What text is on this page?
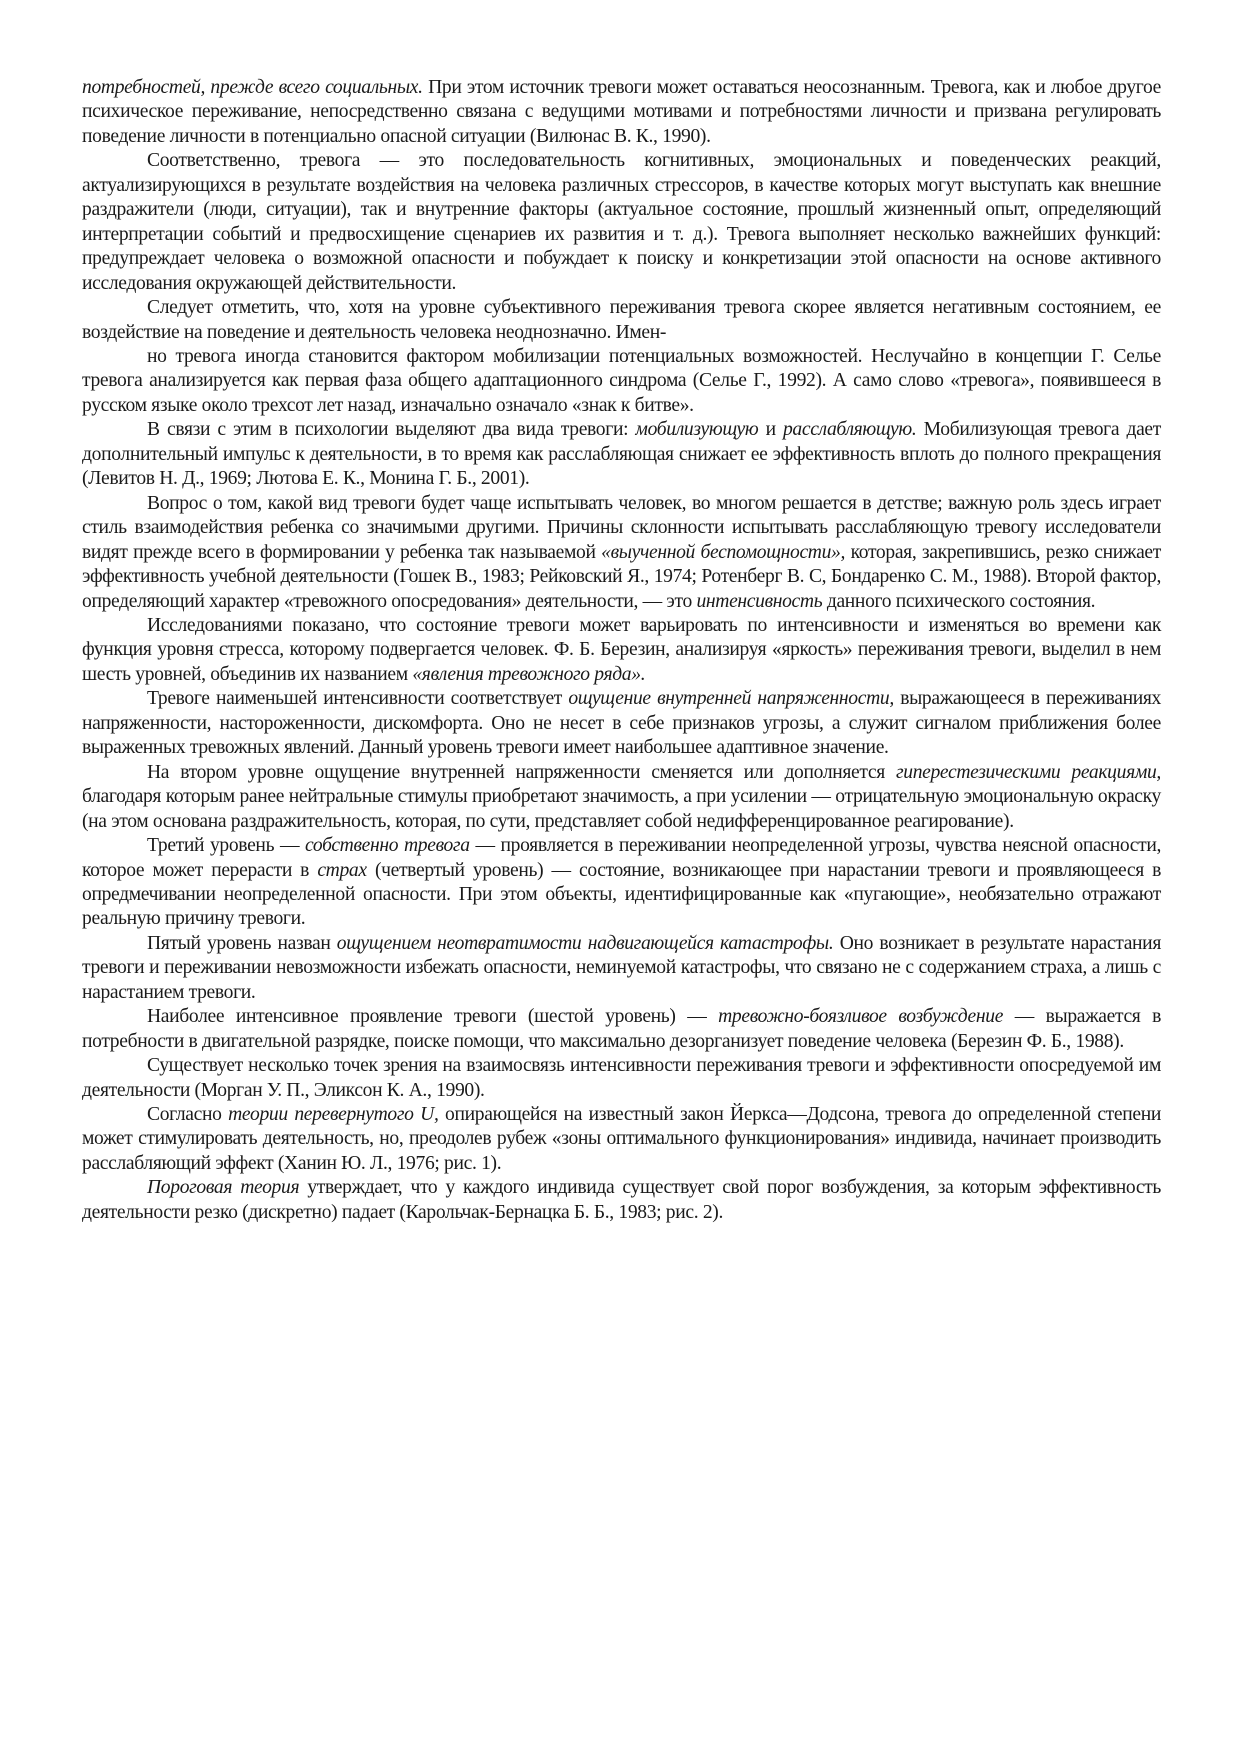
потребностей, прежде всего социальных. При этом источник тревоги может оставаться неосознанным. Тревога, как и любое другое психическое переживание, непосредственно связана с ведущими мотивами и потребностями личности и призвана регулировать поведение личности в потенциально опасной ситуации (Вилюнас В. К., 1990).

Соответственно, тревога — это последовательность когнитивных, эмоциональных и поведенческих реакций, актуализирующихся в результате воздействия на человека различных стрессоров, в качестве которых могут выступать как внешние раздражители (люди, ситуации), так и внутренние факторы (актуальное состояние, прошлый жизненный опыт, определяющий интерпретации событий и предвосхищение сценариев их развития и т. д.). Тревога выполняет несколько важнейших функций: предупреждает человека о возможной опасности и побуждает к поиску и конкретизации этой опасности на основе активного исследования окружающей действительности.

Следует отметить, что, хотя на уровне субъективного переживания тревога скорее является негативным состоянием, ее воздействие на поведение и деятельность человека неоднозначно. Имен-

но тревога иногда становится фактором мобилизации потенциальных возможностей. Неслучайно в концепции Г. Селье тревога анализируется как первая фаза общего адаптационного синдрома (Селье Г., 1992). А само слово «тревога», появившееся в русском языке около трехсот лет назад, изначально означало «знак к битве».

В связи с этим в психологии выделяют два вида тревоги: мобилизующую и расслабляющую. Мобилизующая тревога дает дополнительный импульс к деятельности, в то время как расслабляющая снижает ее эффективность вплоть до полного прекращения (Левитов Н. Д., 1969; Лютова Е. К., Монина Г. Б., 2001).

Вопрос о том, какой вид тревоги будет чаще испытывать человек, во многом решается в детстве; важную роль здесь играет стиль взаимодействия ребенка со значимыми другими. Причины склонности испытывать расслабляющую тревогу исследователи видят прежде всего в формировании у ребенка так называемой «выученной беспомощности», которая, закрепившись, резко снижает эффективность учебной деятельности (Гошек В., 1983; Рейковский Я., 1974; Ротенберг В. С, Бондаренко С. М., 1988). Второй фактор, определяющий характер «тревожного опосредования» деятельности, — это интенсивность данного психического состояния.

Исследованиями показано, что состояние тревоги может варьировать по интенсивности и изменяться во времени как функция уровня стресса, которому подвергается человек. Ф. Б. Березин, анализируя «яркость» переживания тревоги, выделил в нем шесть уровней, объединив их названием «явления тревожного ряда».

Тревоге наименьшей интенсивности соответствует ощущение внутренней напряженности, выражающееся в переживаниях напряженности, настороженности, дискомфорта. Оно не несет в себе признаков угрозы, а служит сигналом приближения более выраженных тревожных явлений. Данный уровень тревоги имеет наибольшее адаптивное значение.

На втором уровне ощущение внутренней напряженности сменяется или дополняется гиперестезическими реакциями, благодаря которым ранее нейтральные стимулы приобретают значимость, а при усилении — отрицательную эмоциональную окраску (на этом основана раздражительность, которая, по сути, представляет собой недифференцированное реагирование).

Третий уровень — собственно тревога — проявляется в переживании неопределенной угрозы, чувства неясной опасности, которое может перерасти в страх (четвертый уровень) — состояние, возникающее при нарастании тревоги и проявляющееся в опредмечивании неопределенной опасности. При этом объекты, идентифицированные как «пугающие», необязательно отражают реальную причину тревоги.

Пятый уровень назван ощущением неотвратимости надвигающейся катастрофы. Оно возникает в результате нарастания тревоги и переживании невозможности избежать опасности, неминуемой катастрофы, что связано не с содержанием страха, а лишь с нарастанием тревоги.

Наиболее интенсивное проявление тревоги (шестой уровень) — тревожно-боязливое возбуждение — выражается в потребности в двигательной разрядке, поиске помощи, что максимально дезорганизует поведение человека (Березин Ф. Б., 1988).

Существует несколько точек зрения на взаимосвязь интенсивности переживания тревоги и эффективности опосредуемой им деятельности (Морган У. П., Эликсон К. А., 1990).

Согласно теории перевернутого U, опирающейся на известный закон Йеркса—Додсона, тревога до определенной степени может стимулировать деятельность, но, преодолев рубеж «зоны оптимального функционирования» индивида, начинает производить расслабляющий эффект (Ханин Ю. Л., 1976; рис. 1).

Пороговая теория утверждает, что у каждого индивида существует свой порог возбуждения, за которым эффективность деятельности резко (дискретно) падает (Карольчак-Бернацка Б. Б., 1983; рис. 2).
